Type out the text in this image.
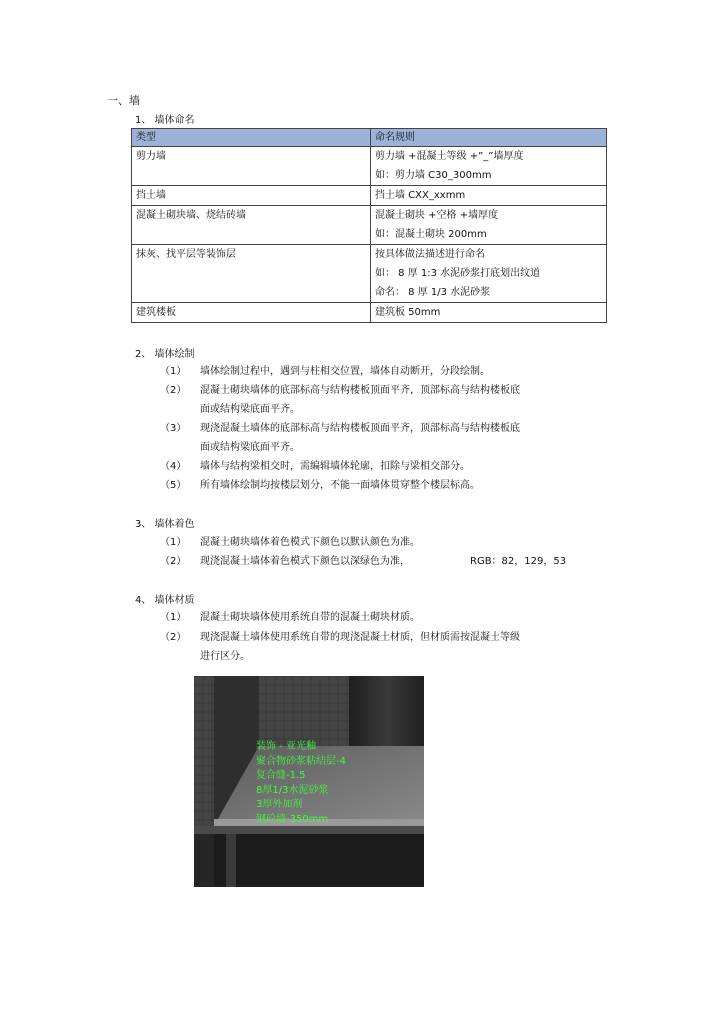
一、墙
1、 墙体命名
类型	命名规则
剪力墙	剪力墙 +混凝土等级 +”_”墙厚度
如：剪力墙 C30_300mm

挡土墙	挡土墙 CXX_xxmm

混凝土砌块墙、烧结砖墙	混凝土砌块 +空格 +墙厚度
如：混凝土砌块 200mm

抹灰、找平层等装饰层	按具体做法描述进行命名
如： 8 厚 1:3 水泥砂浆打底划出纹道
命名： 8 厚 1/3 水泥砂浆

建筑楼板	建筑板 50mm
2、 墙体绘制
（1） 墙体绘制过程中，遇到与柱相交位置，墙体自动断开，分段绘制。
（2） 混凝土砌块墙体的底部标高与结构楼板顶面平齐，顶部标高与结构楼板底
面或结构梁底面平齐。
（3） 现浇混凝土墙体的底部标高与结构楼板顶面平齐，顶部标高与结构楼板底
面或结构梁底面平齐。
（4） 墙体与结构梁相交时，需编辑墙体轮廓，扣除与梁相交部分。
（5） 所有墙体绘制均按楼层划分，不能一面墙体贯穿整个楼层标高。
3、 墙体着色
（1） 混凝土砌块墙体着色模式下颜色以默认颜色为准。
（2） 现浇混凝土墙体着色模式下颜色以深绿色为准，	RGB：82，129，53
4、 墙体材质
（1） 混凝土砌块墙体使用系统自带的混凝土砌块材质。
（2） 现浇混凝土墙体使用系统自带的现浇混凝土材质，但材质需按混凝土等级
进行区分。
装饰 - 亚光釉
聚合物砂浆粘结层-4
复合缝-1.5
8厚1/3水泥砂浆
3厚外加剂
钢砼墙-350mm
